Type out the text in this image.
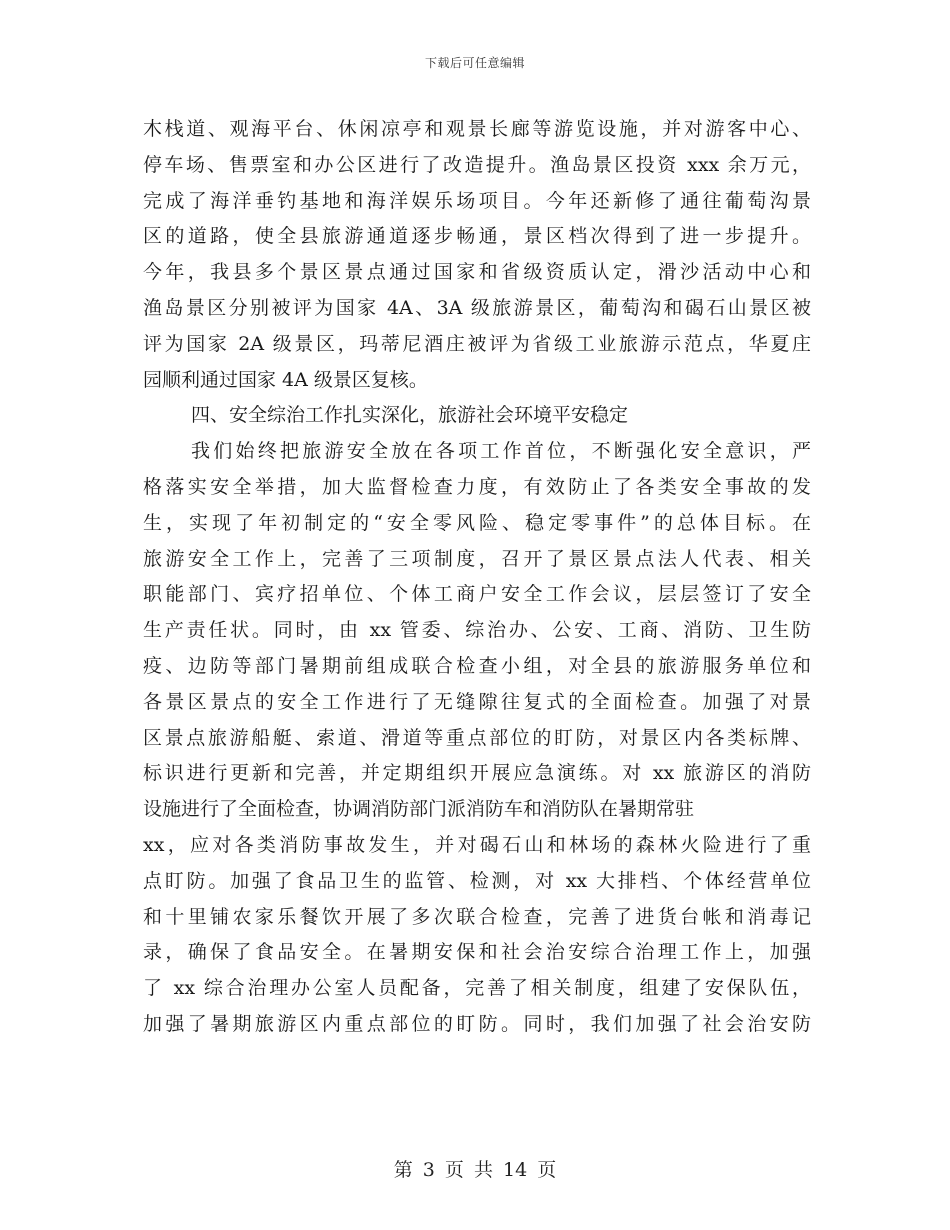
下载后可任意编辑
木栈道、观海平台、休闲凉亭和观景长廊等游览设施，并对游客中心、
停车场、售票室和办公区进行了改造提升。渔岛景区投资 xxx 余万元，
完成了海洋垂钓基地和海洋娱乐场项目。今年还新修了通往葡萄沟景
区的道路，使全县旅游通道逐步畅通，景区档次得到了进一步提升。
今年，我县多个景区景点通过国家和省级资质认定，滑沙活动中心和
渔岛景区分别被评为国家 4A、3A 级旅游景区，葡萄沟和碣石山景区被
评为国家 2A 级景区，玛蒂尼酒庄被评为省级工业旅游示范点，华夏庄
园顺利通过国家 4A 级景区复核。
四、安全综治工作扎实深化，旅游社会环境平安稳定
我们始终把旅游安全放在各项工作首位，不断强化安全意识，严
格落实安全举措，加大监督检查力度，有效防止了各类安全事故的发
生，实现了年初制定的“安全零风险、稳定零事件”的总体目标。在
旅游安全工作上，完善了三项制度，召开了景区景点法人代表、相关
职能部门、宾疗招单位、个体工商户安全工作会议，层层签订了安全
生产责任状。同时，由 xx 管委、综治办、公安、工商、消防、卫生防
疫、边防等部门暑期前组成联合检查小组，对全县的旅游服务单位和
各景区景点的安全工作进行了无缝隙往复式的全面检查。加强了对景
区景点旅游船艇、索道、滑道等重点部位的盯防，对景区内各类标牌、
标识进行更新和完善，并定期组织开展应急演练。对 xx 旅游区的消防
设施进行了全面检查，协调消防部门派消防车和消防队在暑期常驻
xx，应对各类消防事故发生，并对碣石山和林场的森林火险进行了重
点盯防。加强了食品卫生的监管、检测，对 xx 大排档、个体经营单位
和十里铺农家乐餐饮开展了多次联合检查，完善了进货台帐和消毒记
录，确保了食品安全。在暑期安保和社会治安综合治理工作上，加强
了 xx 综合治理办公室人员配备，完善了相关制度，组建了安保队伍，
加强了暑期旅游区内重点部位的盯防。同时，我们加强了社会治安防
第 3 页 共 14 页
